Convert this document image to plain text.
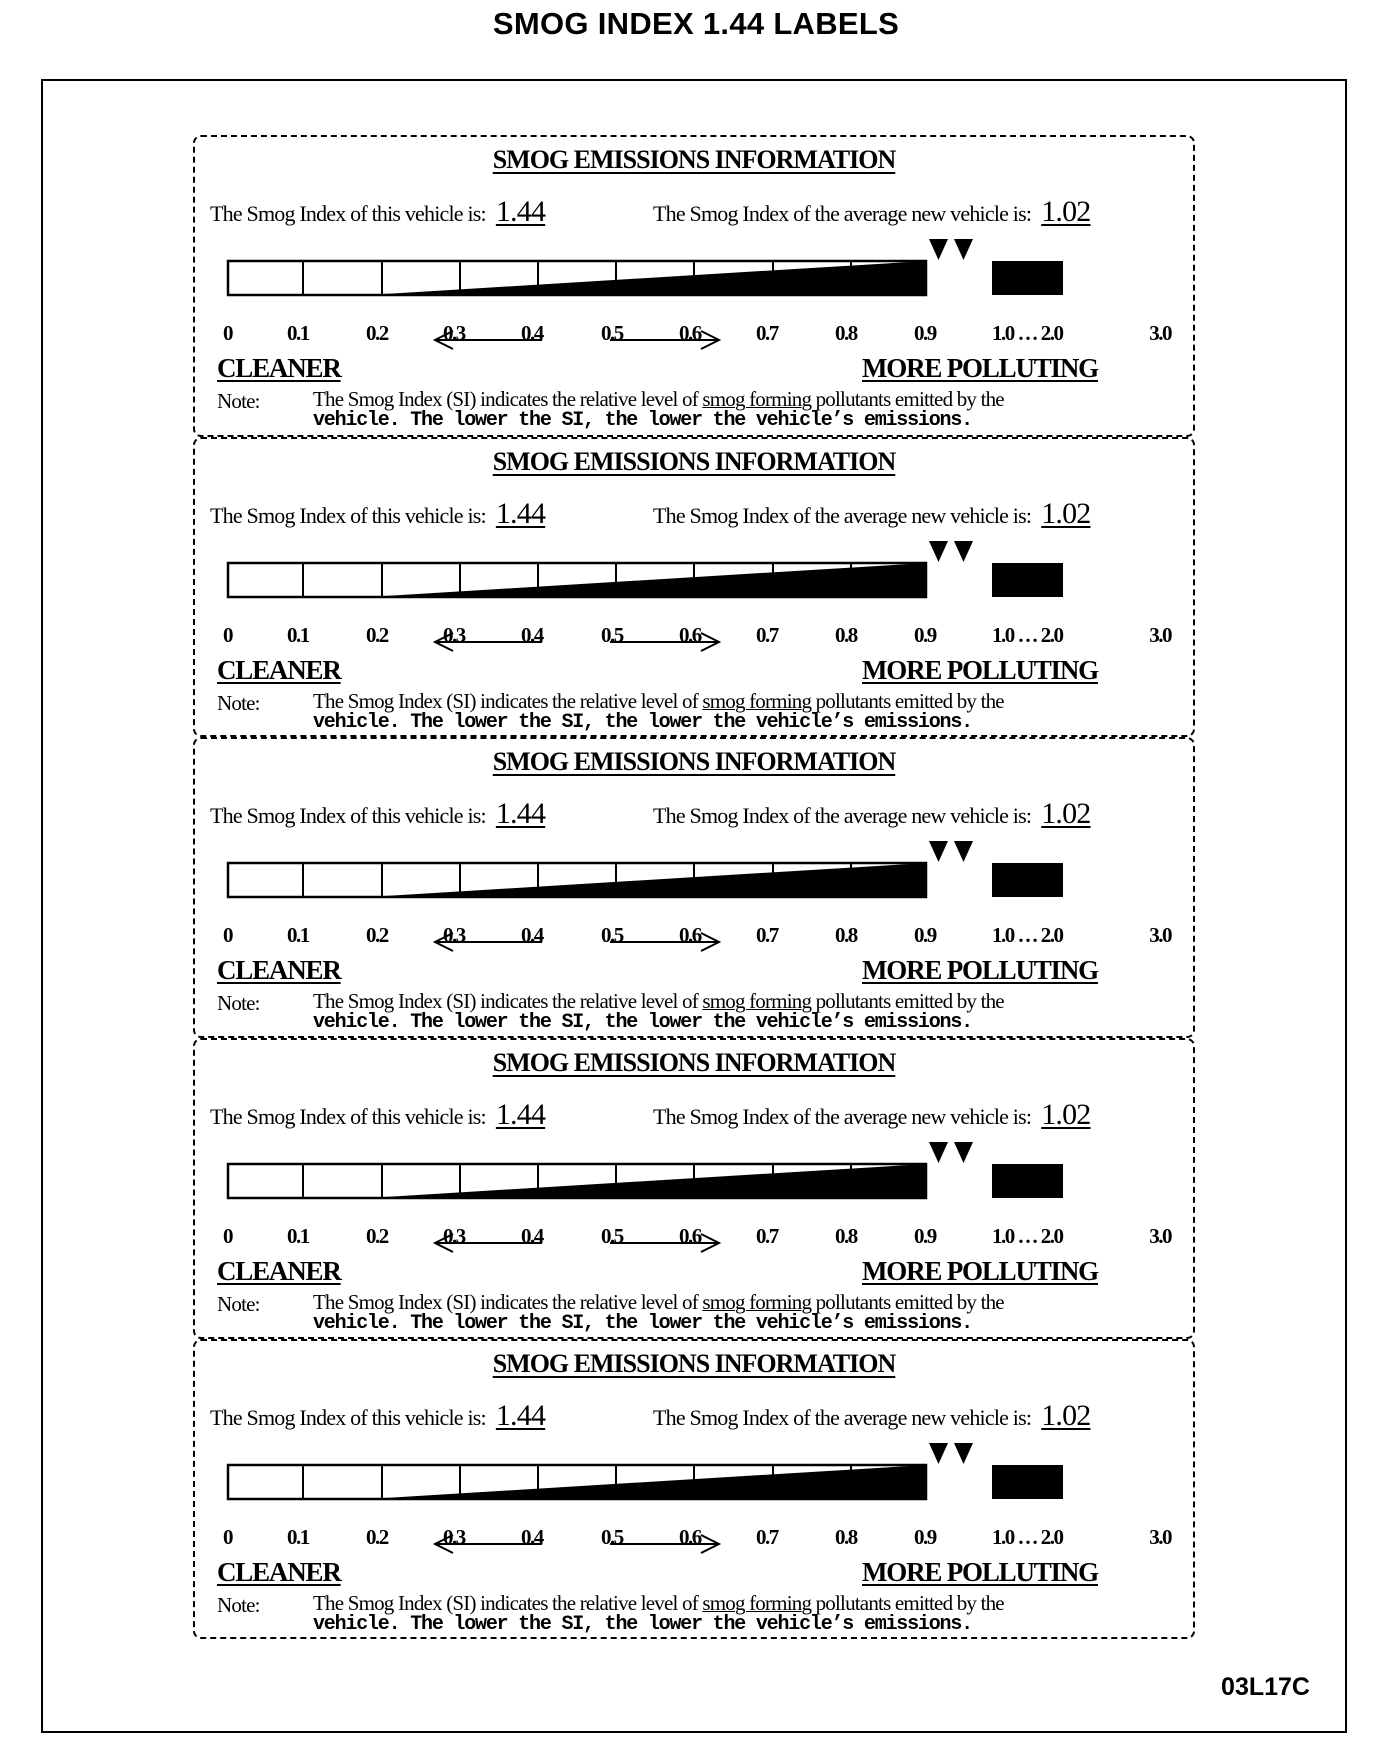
SMOG INDEX 1.44 LABELS
SMOG EMISSIONS INFORMATION
The Smog Index of this vehicle is: 1.44	The Smog Index of the average new vehicle is: 1.02
0	0.1	0.2	0.3	0.4	0.5	0.6	0.7	0.8	0.9	1.0 … 2.0	3.0
CLEANER	MORE POLLUTING
Note:	The Smog Index (SI) indicates the relative level of smog forming pollutants emitted by the
vehicle. The lower the SI, the lower the vehicle’s emissions.
SMOG EMISSIONS INFORMATION
The Smog Index of this vehicle is: 1.44	The Smog Index of the average new vehicle is: 1.02
0	0.1	0.2	0.3	0.4	0.5	0.6	0.7	0.8	0.9	1.0 … 2.0	3.0
CLEANER	MORE POLLUTING
Note:	The Smog Index (SI) indicates the relative level of smog forming pollutants emitted by the
vehicle. The lower the SI, the lower the vehicle’s emissions.
SMOG EMISSIONS INFORMATION
The Smog Index of this vehicle is: 1.44	The Smog Index of the average new vehicle is: 1.02
0	0.1	0.2	0.3	0.4	0.5	0.6	0.7	0.8	0.9	1.0 … 2.0	3.0
CLEANER	MORE POLLUTING
Note:	The Smog Index (SI) indicates the relative level of smog forming pollutants emitted by the
vehicle. The lower the SI, the lower the vehicle’s emissions.
SMOG EMISSIONS INFORMATION
The Smog Index of this vehicle is: 1.44	The Smog Index of the average new vehicle is: 1.02
0	0.1	0.2	0.3	0.4	0.5	0.6	0.7	0.8	0.9	1.0 … 2.0	3.0
CLEANER	MORE POLLUTING
Note:	The Smog Index (SI) indicates the relative level of smog forming pollutants emitted by the
vehicle. The lower the SI, the lower the vehicle’s emissions.
SMOG EMISSIONS INFORMATION
The Smog Index of this vehicle is: 1.44	The Smog Index of the average new vehicle is: 1.02
0	0.1	0.2	0.3	0.4	0.5	0.6	0.7	0.8	0.9	1.0 … 2.0	3.0
CLEANER	MORE POLLUTING
Note:	The Smog Index (SI) indicates the relative level of smog forming pollutants emitted by the
vehicle. The lower the SI, the lower the vehicle’s emissions.
03L17C
